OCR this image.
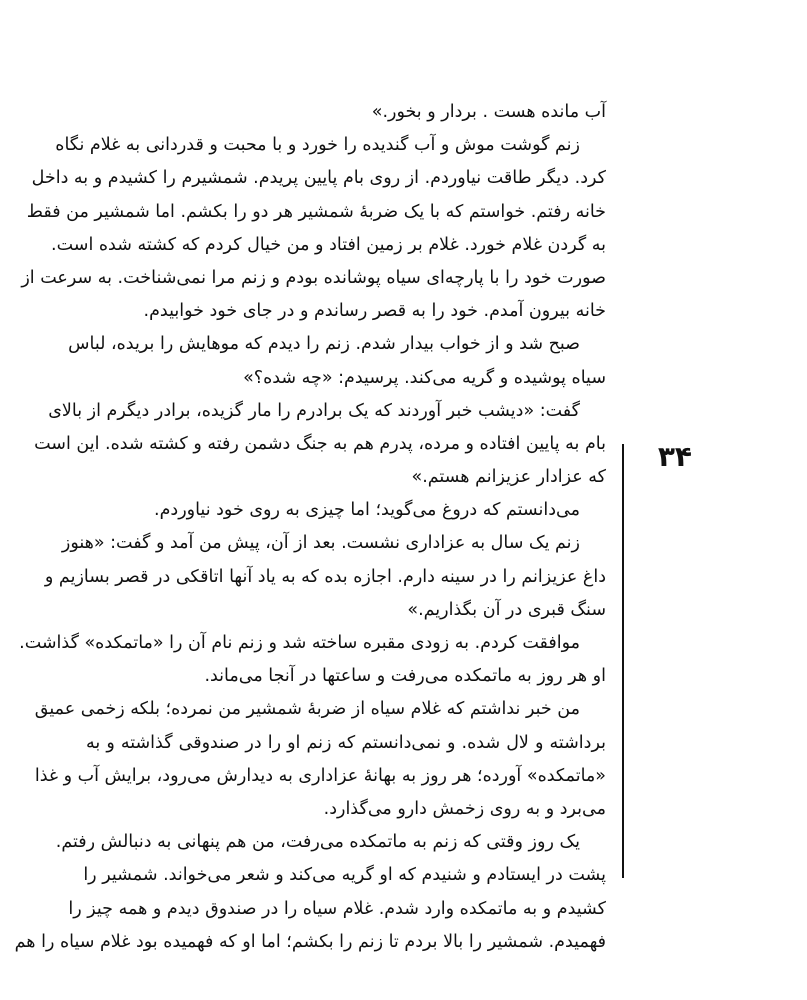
آب مانده هست . بردار و بخور.»
زنم گوشت موش و آب گندیده را خورد و با محبت و قدردانی به غلام نگاه
کرد. دیگر طاقت نیاوردم. از روی بام پایین پریدم. شمشیرم را کشیدم و به داخل
خانه رفتم. خواستم که با یک ضربهٔ شمشیر هر دو را بکشم. اما شمشیر من فقط
به گردن غلام خورد. غلام بر زمین افتاد و من خیال کردم که کشته شده است.
صورت خود را با پارچه‌ای سیاه پوشانده بودم و زنم مرا نمی‌شناخت. به سرعت از
خانه بیرون آمدم. خود را به قصر رساندم و در جای خود خوابیدم.
صبح شد و از خواب بیدار شدم. زنم را دیدم که موهایش را بریده، لباس
سیاه پوشیده و گریه می‌کند. پرسیدم: «چه شده؟»
گفت: «دیشب خبر آوردند که یک برادرم را مار گزیده، برادر دیگرم از بالای
بام به پایین افتاده و مرده، پدرم هم به جنگ دشمن رفته و کشته شده. این است
که عزادار عزیزانم هستم.»
می‌دانستم که دروغ می‌گوید؛ اما چیزی به روی خود نیاوردم.
زنم یک سال به عزاداری نشست. بعد از آن، پیش من آمد و گفت: «هنوز
داغ عزیزانم را در سینه دارم. اجازه بده که به یاد آنها اتاقکی در قصر بسازیم و
سنگ قبری در آن بگذاریم.»
موافقت کردم. به زودی مقبره ساخته شد و زنم نام آن را «ماتمکده» گذاشت.
او هر روز به ماتمکده می‌رفت و ساعتها در آنجا می‌ماند.
من خبر نداشتم که غلام سیاه از ضربهٔ شمشیر من نمرده؛ بلکه زخمی عمیق
برداشته و لال شده. و نمی‌دانستم که زنم او را در صندوقی گذاشته و به
«ماتمکده» آورده؛ هر روز به بهانهٔ عزاداری به دیدارش می‌رود، برایش آب و غذا
می‌برد و به روی زخمش دارو می‌گذارد.
یک روز وقتی که زنم به ماتمکده می‌رفت، من هم پنهانی به دنبالش رفتم.
پشت در ایستادم و شنیدم که او گریه می‌کند و شعر می‌خواند. شمشیر را
کشیدم و به ماتمکده وارد شدم. غلام سیاه را در صندوق دیدم و همه چیز را
فهمیدم. شمشیر را بالا بردم تا زنم را بکشم؛ اما او که فهمیده بود غلام سیاه را هم
۳۴
